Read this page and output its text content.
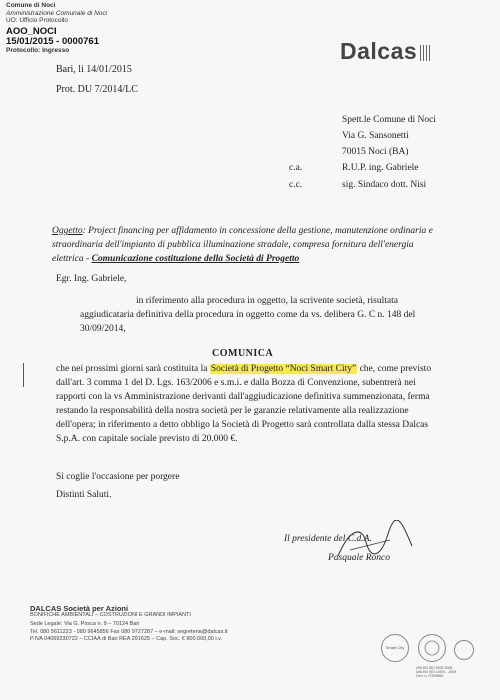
Comune di Noci
Amministrazione Comunale di Noci
UO: Ufficio Protocollo
AOO_NOCI
15/01/2015 - 0000761
Protocollo: Ingresso	Dalcas
Bari, li 14/01/2015
Prot. DU 7/2014/LC
Spett.le Comune di Noci
Via G. Sansonetti
70015 Noci (BA)
c.a.	R.U.P. ing. Gabriele
c.c.	sig. Sindaco dott. Nisi
Oggetto: Project financing per affidamento in concessione della gestione, manutenzione ordinaria e straordinaria dell'impianto di pubblica illuminazione stradale, compresa fornitura dell'energia elettrica - Comunicazione costituzione della Società di Progetto
Egr. Ing. Gabriele,
in riferimento alla procedura in oggetto, la scrivente società, risultata aggiudicataria definitiva della procedura in oggetto come da vs. delibera G. C n. 148 del 30/09/2014,
COMUNICA
che nei prossimi giorni sarà costituita la Società di Progetto “Noci Smart City” che, come previsto dall'art. 3 comma 1 del D. Lgs. 163/2006 e s.m.i. e dalla Bozza di Convenzione, subentrerà nei rapporti con la vs Amministrazione derivanti dall'aggiudicazione definitiva summenzionata, ferma restando la responsabilità della nostra società per le garanzie relativamente alla realizzazione dell'opera; in riferimento a detto obbligo la Società di Progetto sarà controllata dalla stessa Dalcas S.p.A. con capitale sociale previsto di 20.000 €.
Si coglie l'occasione per porgere
Distinti Saluti.
Il presidente del C.d.A.
Pasquale Ronco
DALCAS Società per Azioni
BONIFICHE AMBIENTALI – COSTRUZIONI E GRANDI IMPIANTI
Sede Legale: Via G. Posca n. 9 – 70124 Bari
Tel. 080 5611223 - 080 9645856 Fax 080 9727287 – e-mail: segreteria@dalcas.it
P.IVA 04069230722 – CCIAA di Bari REA 291625 – Cap. Soc. € 900.000,00 i.v.
Smart City
UNI EN ISO 9001:2008
UNI EN ISO 14001 : 2004
Cert. n. IT209563
